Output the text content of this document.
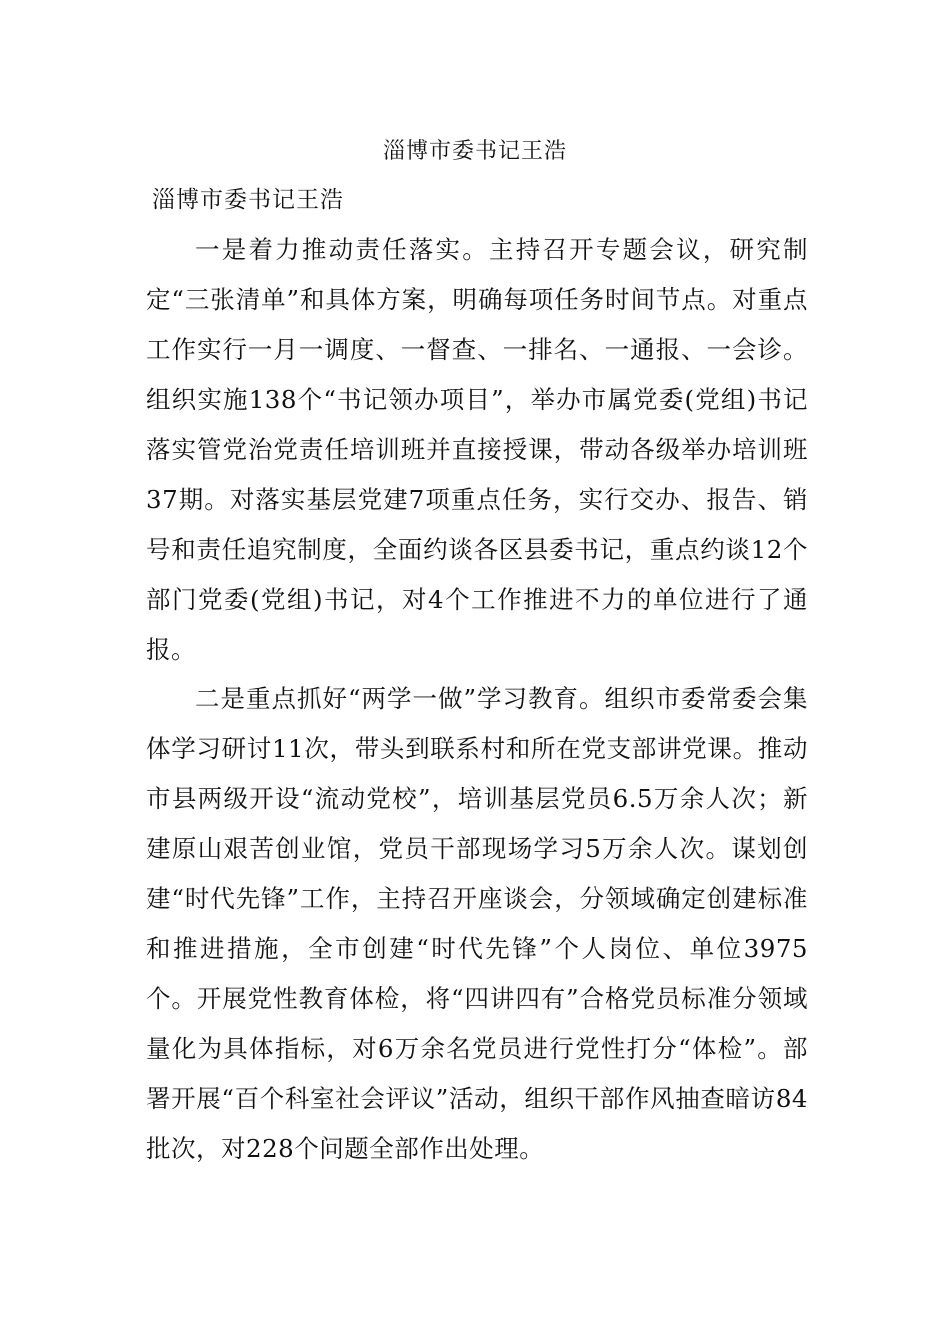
淄博市委书记王浩
淄博市委书记王浩

一是着力推动责任落实。主持召开专题会议，研究制定“三张清单”和具体方案，明确每项任务时间节点。对重点工作实行一月一调度、一督查、一排名、一通报、一会诊。组织实施138个“书记领办项目”，举办市属党委(党组)书记落实管党治党责任培训班并直接授课，带动各级举办培训班37期。对落实基层党建7项重点任务，实行交办、报告、销号和责任追究制度，全面约谈各区县委书记，重点约谈12个部门党委(党组)书记，对4个工作推进不力的单位进行了通报。

二是重点抓好“两学一做”学习教育。组织市委常委会集体学习研讨11次，带头到联系村和所在党支部讲党课。推动市县两级开设“流动党校”，培训基层党员6.5万余人次；新建原山艰苦创业馆，党员干部现场学习5万余人次。谋划创建“时代先锋”工作，主持召开座谈会，分领域确定创建标准和推进措施，全市创建“时代先锋”个人岗位、单位3975个。开展党性教育体检，将“四讲四有”合格党员标准分领域量化为具体指标，对6万余名党员进行党性打分“体检”。部署开展“百个科室社会评议”活动，组织干部作风抽查暗访84批次，对228个问题全部作出处理。
